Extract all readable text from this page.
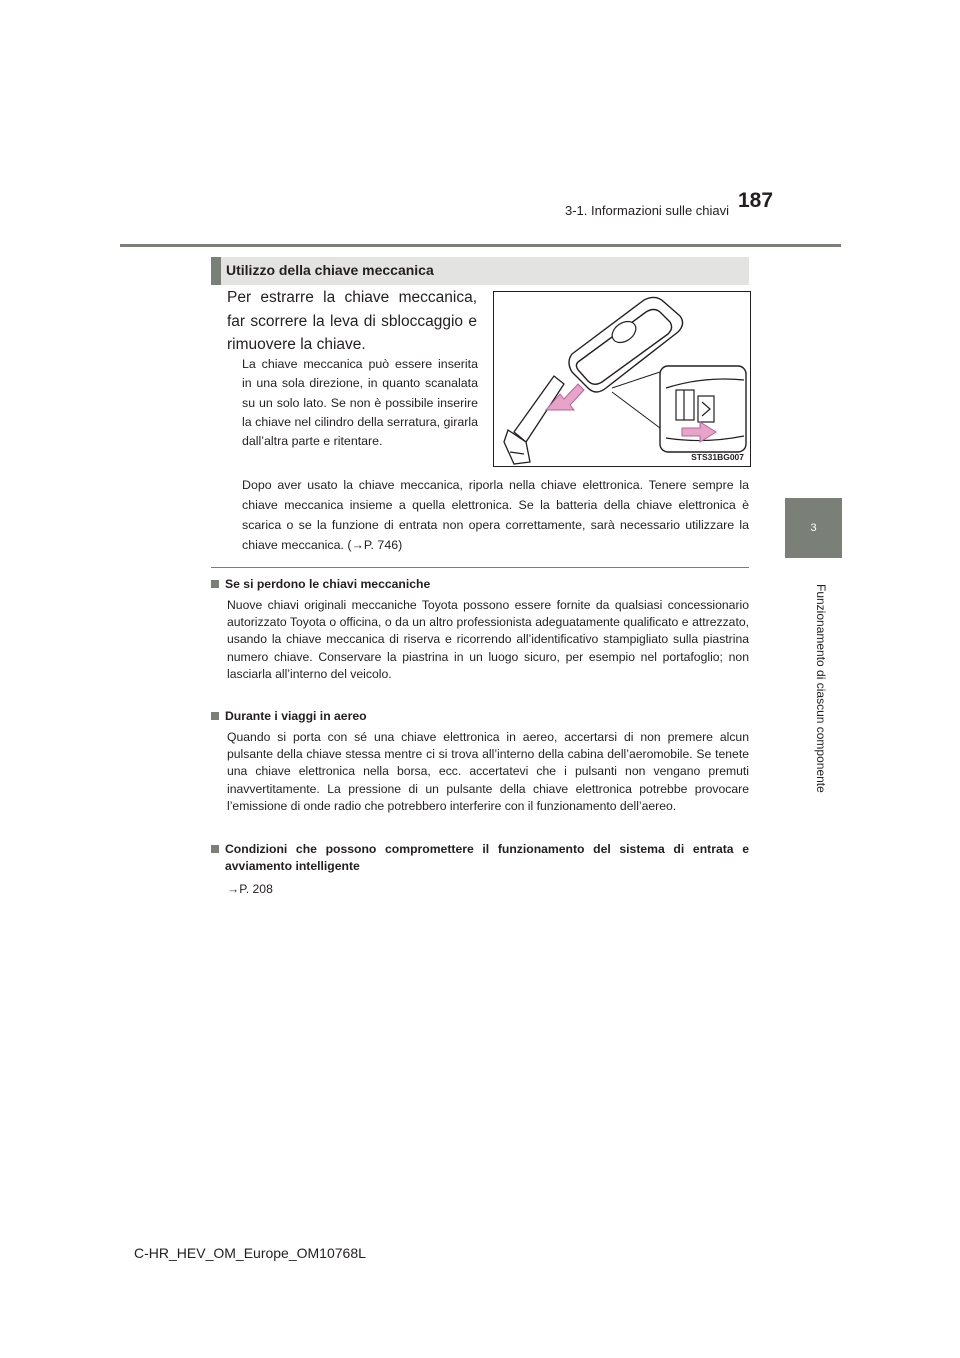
3-1. Informazioni sulle chiavi 187
3
Funzionamento di ciascun componente
Utilizzo della chiave meccanica
Per estrarre la chiave meccanica, far scorrere la leva di sbloccaggio e rimuovere la chiave.
La chiave meccanica può essere inserita in una sola direzione, in quanto scanalata su un solo lato. Se non è possibile inserire la chiave nel cilindro della serratura, girarla dall’altra parte e ritentare.
STS31BG007
Dopo aver usato la chiave meccanica, riporla nella chiave elettronica. Tenere sempre la chiave meccanica insieme a quella elettronica. Se la batteria della chiave elettronica è scarica o se la funzione di entrata non opera correttamente, sarà necessario utilizzare la chiave meccanica. (→P. 746)
Se si perdono le chiavi meccaniche
Nuove chiavi originali meccaniche Toyota possono essere fornite da qualsiasi concessionario autorizzato Toyota o officina, o da un altro professionista adeguatamente qualificato e attrezzato, usando la chiave meccanica di riserva e ricorrendo all’identificativo stampigliato sulla piastrina numero chiave. Conservare la piastrina in un luogo sicuro, per esempio nel portafoglio; non lasciarla all’interno del veicolo.
Durante i viaggi in aereo
Quando si porta con sé una chiave elettronica in aereo, accertarsi di non premere alcun pulsante della chiave stessa mentre ci si trova all’interno della cabina dell’aeromobile. Se tenete una chiave elettronica nella borsa, ecc. accertatevi che i pulsanti non vengano premuti inavvertitamente. La pressione di un pulsante della chiave elettronica potrebbe provocare l’emissione di onde radio che potrebbero interferire con il funzionamento dell’aereo.
Condizioni che possono compromettere il funzionamento del sistema di entrata e avviamento intelligente
→P. 208
C-HR_HEV_OM_Europe_OM10768L
